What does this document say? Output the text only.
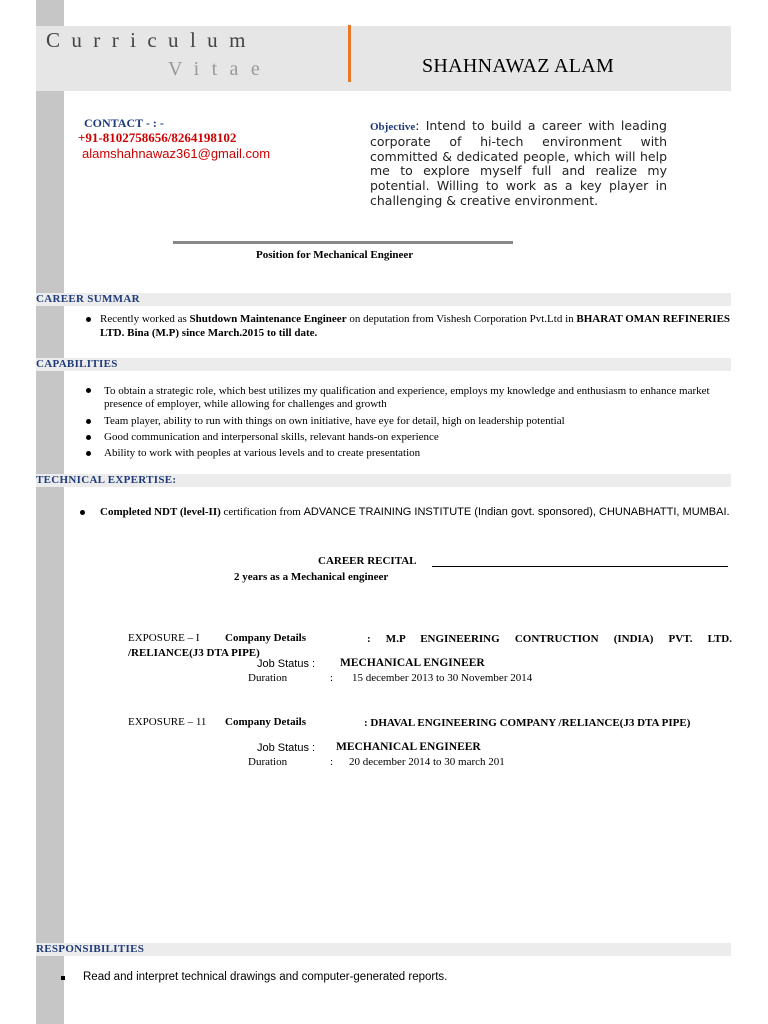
Curriculum
Vitae	SHAHNAWAZ ALAM
CONTACT - : -
+91-8102758656/8264198102
alamshahnawaz361@gmail.com
Objective: Intend to build a career with leading corporate of hi-tech environment with committed & dedicated people, which will help me to explore myself full and realize my potential. Willing to work as a key player in challenging & creative environment.
Position for Mechanical Engineer
CAREER SUMMAR
Recently worked as Shutdown Maintenance Engineer on deputation from Vishesh Corporation Pvt.Ltd in BHARAT OMAN REFINERIES LTD. Bina (M.P) since March.2015 to till date.
CAPABILITIES
To obtain a strategic role, which best utilizes my qualification and experience, employs my knowledge and enthusiasm to enhance market presence of employer, while allowing for challenges and growth
Team player, ability to run with things on own initiative, have eye for detail, high on leadership potential
Good communication and interpersonal skills, relevant hands-on experience
Ability to work with peoples at various levels and to create presentation
TECHNICAL EXPERTISE:
Completed NDT (level-II) certification from ADVANCE TRAINING INSTITUTE (Indian govt. sponsored), CHUNABHATTI, MUMBAI.
CAREER RECITAL
2 years as a Mechanical engineer
EXPOSURE – I Company Details	: M.P ENGINEERING CONTRUCTION (INDIA) PVT. LTD. /RELIANCE(J3 DTA PIPE)
Job Status : MECHANICAL ENGINEER
Duration	: 15 december 2013 to 30 November 2014
EXPOSURE – 11 Company Details	: DHAVAL ENGINEERING COMPANY /RELIANCE(J3 DTA PIPE)
Job Status : MECHANICAL ENGINEER
Duration	: 20 december 2014 to 30 march 201
RESPONSIBILITIES
Read and interpret technical drawings and computer-generated reports.
